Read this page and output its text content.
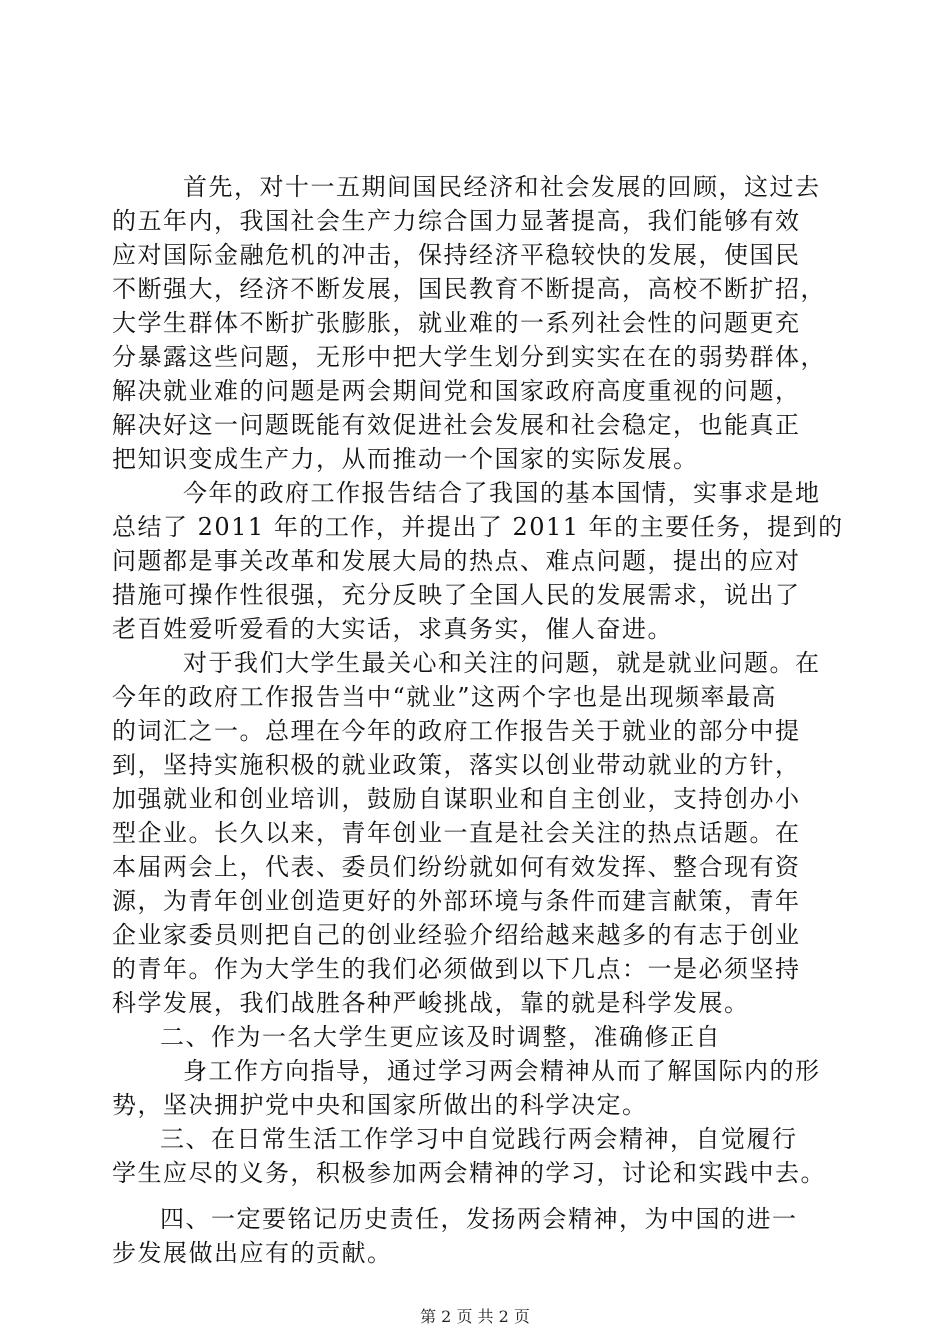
首先，对十一五期间国民经济和社会发展的回顾，这过去
的五年内，我国社会生产力综合国力显著提高，我们能够有效
应对国际金融危机的冲击，保持经济平稳较快的发展，使国民
不断强大，经济不断发展，国民教育不断提高，高校不断扩招，
大学生群体不断扩张膨胀，就业难的一系列社会性的问题更充
分暴露这些问题，无形中把大学生划分到实实在在的弱势群体，
解决就业难的问题是两会期间党和国家政府高度重视的问题，
解决好这一问题既能有效促进社会发展和社会稳定，也能真正
把知识变成生产力，从而推动一个国家的实际发展。
今年的政府工作报告结合了我国的基本国情，实事求是地
总结了 2011 年的工作，并提出了 2011 年的主要任务，提到的
问题都是事关改革和发展大局的热点、难点问题，提出的应对
措施可操作性很强，充分反映了全国人民的发展需求，说出了
老百姓爱听爱看的大实话，求真务实，催人奋进。
对于我们大学生最关心和关注的问题，就是就业问题。在
今年的政府工作报告当中“就业”这两个字也是出现频率最高
的词汇之一。总理在今年的政府工作报告关于就业的部分中提
到，坚持实施积极的就业政策，落实以创业带动就业的方针，
加强就业和创业培训，鼓励自谋职业和自主创业，支持创办小
型企业。长久以来，青年创业一直是社会关注的热点话题。在
本届两会上，代表、委员们纷纷就如何有效发挥、整合现有资
源，为青年创业创造更好的外部环境与条件而建言献策，青年
企业家委员则把自己的创业经验介绍给越来越多的有志于创业
的青年。作为大学生的我们必须做到以下几点：一是必须坚持
科学发展，我们战胜各种严峻挑战，靠的就是科学发展。
二、作为一名大学生更应该及时调整，准确修正自
身工作方向指导，通过学习两会精神从而了解国际内的形
势，坚决拥护党中央和国家所做出的科学决定。
三、在日常生活工作学习中自觉践行两会精神，自觉履行
学生应尽的义务，积极参加两会精神的学习，讨论和实践中去。
四、一定要铭记历史责任，发扬两会精神，为中国的进一
步发展做出应有的贡献。
第 2 页 共 2 页
